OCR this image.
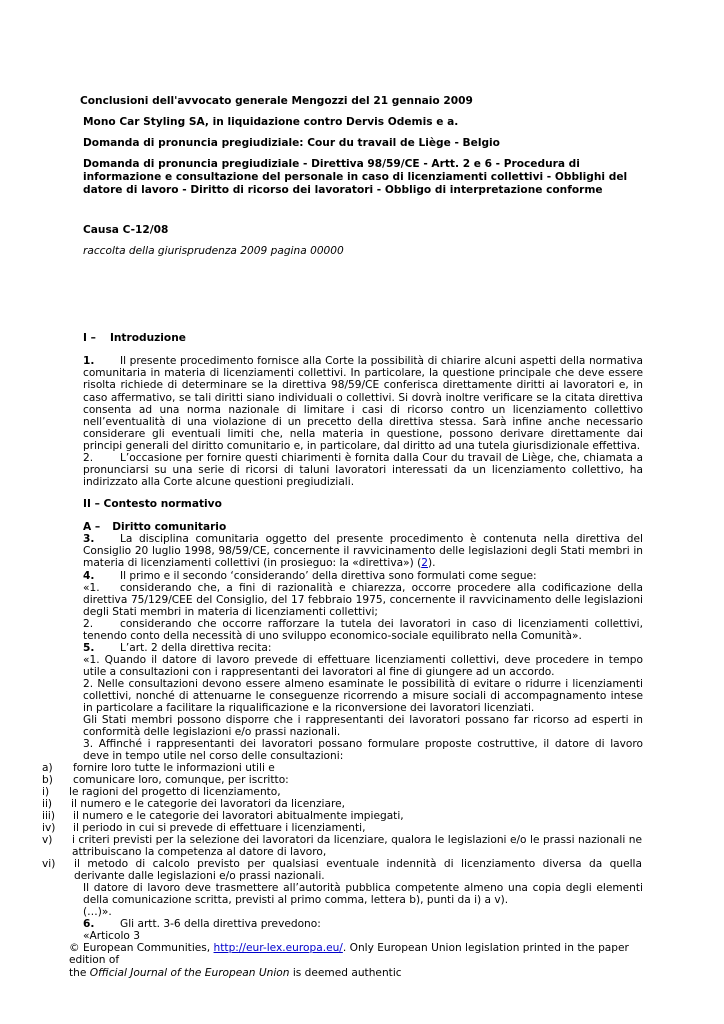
Conclusioni dell'avvocato generale Mengozzi del 21 gennaio 2009
Mono Car Styling SA, in liquidazione contro Dervis Odemis e a.
Domanda di pronuncia pregiudiziale: Cour du travail de Liège - Belgio
Domanda di pronuncia pregiudiziale - Direttiva 98/59/CE - Artt. 2 e 6 - Procedura di informazione e consultazione del personale in caso di licenziamenti collettivi - Obblighi del datore di lavoro - Diritto di ricorso dei lavoratori - Obbligo di interpretazione conforme
Causa C-12/08
raccolta della giurisprudenza 2009 pagina 00000
I – Introduzione

1. Il presente procedimento fornisce alla Corte la possibilità di chiarire alcuni aspetti della normativa comunitaria in materia di licenziamenti collettivi. In particolare, la questione principale che deve essere risolta richiede di determinare se la direttiva 98/59/CE conferisca direttamente diritti ai lavoratori e, in caso affermativo, se tali diritti siano individuali o collettivi. Si dovrà inoltre verificare se la citata direttiva consenta ad una norma nazionale di limitare i casi di ricorso contro un licenziamento collettivo nell’eventualità di una violazione di un precetto della direttiva stessa. Sarà infine anche necessario considerare gli eventuali limiti che, nella materia in questione, possono derivare direttamente dai principi generali del diritto comunitario e, in particolare, dal diritto ad una tutela giurisdizionale effettiva.

2.	L’occasione per fornire questi chiarimenti è fornita dalla Cour du travail de Liège, che, chiamata a pronunciarsi su una serie di ricorsi di taluni lavoratori interessati da un licenziamento collettivo, ha indirizzato alla Corte alcune questioni pregiudiziali.

II – Contesto normativo
A – Diritto comunitario

3. La disciplina comunitaria oggetto del presente procedimento è contenuta nella direttiva del Consiglio 20 luglio 1998, 98/59/CE, concernente il ravvicinamento delle legislazioni degli Stati membri in materia di licenziamenti collettivi (in prosieguo: la «direttiva») (2).

4. Il primo e il secondo ‘considerando’ della direttiva sono formulati come segue:

«1. considerando che, a fini di razionalità e chiarezza, occorre procedere alla codificazione della direttiva 75/129/CEE del Consiglio, del 17 febbraio 1975, concernente il ravvicinamento delle legislazioni degli Stati membri in materia di licenziamenti collettivi;

2.	considerando che occorre rafforzare la tutela dei lavoratori in caso di licenziamenti collettivi, tenendo conto della necessità di uno sviluppo economico-sociale equilibrato nella Comunità».

5. L’art. 2 della direttiva recita:

«1. Quando il datore di lavoro prevede di effettuare licenziamenti collettivi, deve procedere in tempo utile a consultazioni con i rappresentanti dei lavoratori al fine di giungere ad un accordo.

2. Nelle consultazioni devono essere almeno esaminate le possibilità di evitare o ridurre i licenziamenti collettivi, nonché di attenuarne le conseguenze ricorrendo a misure sociali di accompagnamento intese in particolare a facilitare la riqualificazione e la riconversione dei lavoratori licenziati.

Gli Stati membri possono disporre che i rappresentanti dei lavoratori possano far ricorso ad esperti in conformità delle legislazioni e/o prassi nazionali.

3. Affinché i rappresentanti dei lavoratori possano formulare proposte costruttive, il datore di lavoro deve in tempo utile nel corso delle consultazioni:

a) fornire loro tutte le informazioni utili e
b) comunicare loro, comunque, per iscritto:
i) le ragioni del progetto di licenziamento,
ii) il numero e le categorie dei lavoratori da licenziare,
iii) il numero e le categorie dei lavoratori abitualmente impiegati,
iv) il periodo in cui si prevede di effettuare i licenziamenti,
v) i criteri previsti per la selezione dei lavoratori da licenziare, qualora le legislazioni e/o le prassi nazionali ne attribuiscano la competenza al datore di lavoro,
vi) il metodo di calcolo previsto per qualsiasi eventuale indennità di licenziamento diversa da quella derivante dalle legislazioni e/o prassi nazionali.

Il datore di lavoro deve trasmettere all’autorità pubblica competente almeno una copia degli elementi della comunicazione scritta, previsti al primo comma, lettera b), punti da i) a v).

(…)».

6. Gli artt. 3-6 della direttiva prevedono:

«Articolo 3

© European Communities, http://eur-lex.europa.eu/. Only European Union legislation printed in the paper edition of
the Official Journal of the European Union is deemed authentic
